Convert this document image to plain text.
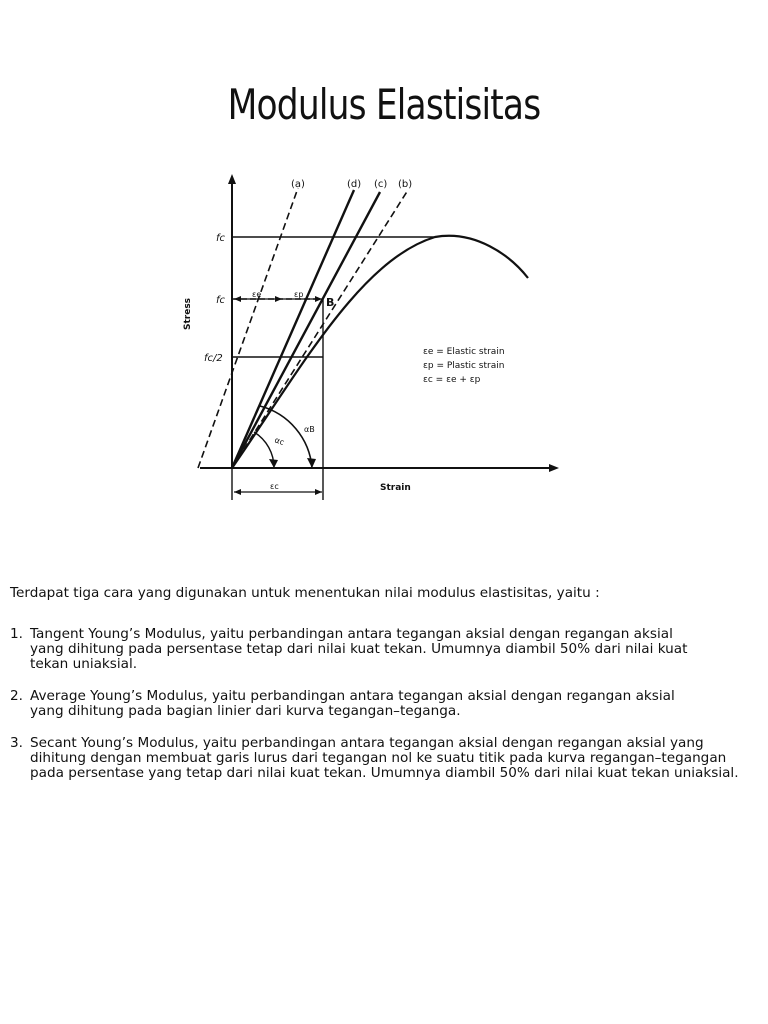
Modulus Elastisitas
(a)	(d) (c) (b)
Stress
Strain
fc
fc
fc/2
B
εe	εp
εc
αB
αc
εe = Elastic strain
εp = Plastic strain
εc = εe + εp

Terdapat tiga cara yang digunakan untuk menentukan nilai modulus elastisitas, yaitu :

1. Tangent Young’s Modulus, yaitu perbandingan antara tegangan aksial dengan regangan aksial
yang dihitung pada persentase tetap dari nilai kuat tekan. Umumnya diambil 50% dari nilai kuat
tekan uniaksial.
2. Average Young’s Modulus, yaitu perbandingan antara tegangan aksial dengan regangan aksial
yang dihitung pada bagian linier dari kurva tegangan–teganga.
3. Secant Young’s Modulus, yaitu perbandingan antara tegangan aksial dengan regangan aksial yang
dihitung dengan membuat garis lurus dari tegangan nol ke suatu titik pada kurva regangan–tegangan
pada persentase yang tetap dari nilai kuat tekan. Umumnya diambil 50% dari nilai kuat tekan uniaksial.
